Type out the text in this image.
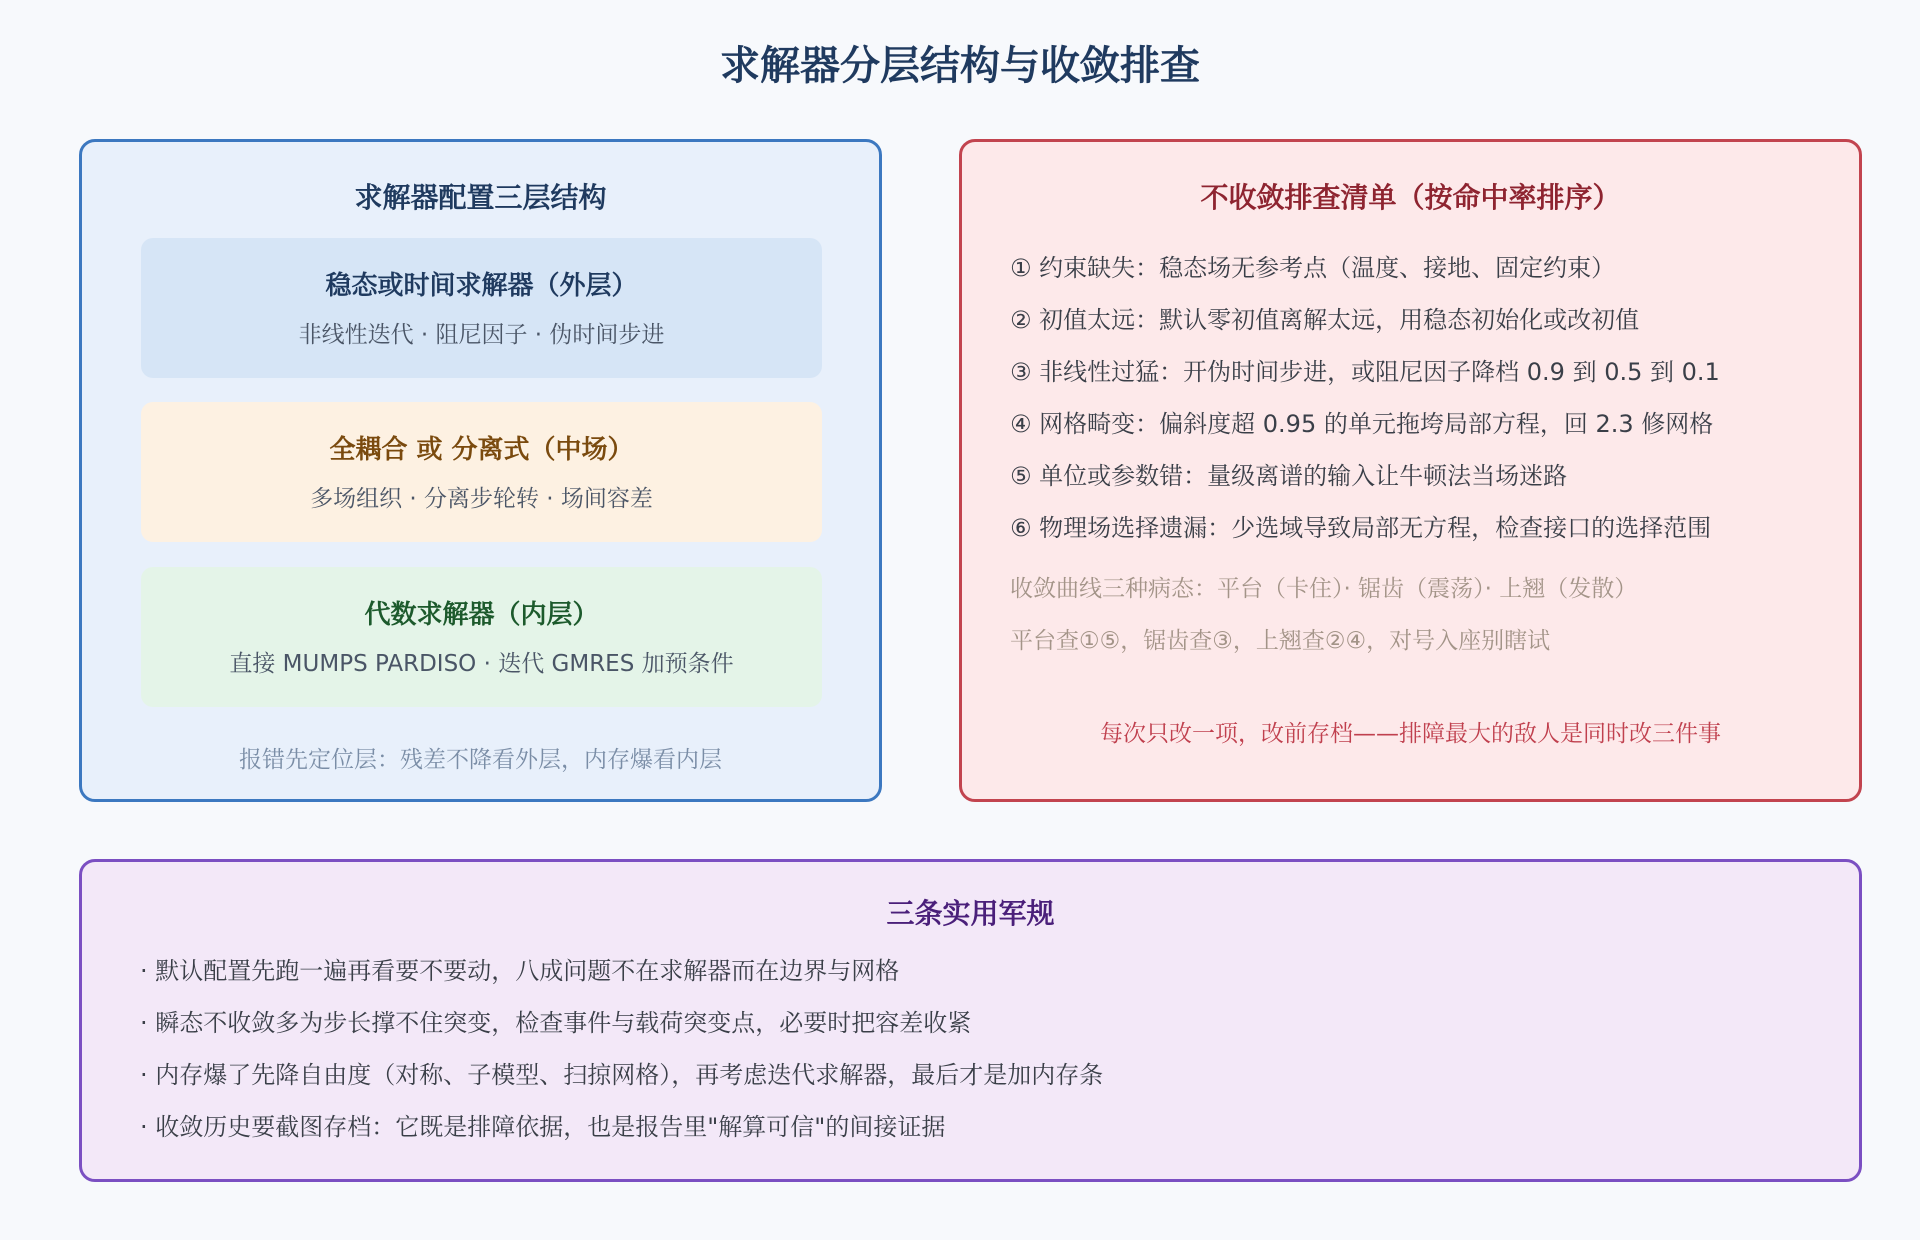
求解器分层结构与收敛排查
求解器配置三层结构
稳态或时间求解器（外层）
非线性迭代 · 阻尼因子 · 伪时间步进
全耦合 或 分离式（中场）
多场组织 · 分离步轮转 · 场间容差
代数求解器（内层）
直接 MUMPS PARDISO · 迭代 GMRES 加预条件
报错先定位层：残差不降看外层，内存爆看内层
不收敛排查清单（按命中率排序）
① 约束缺失：稳态场无参考点（温度、接地、固定约束）
② 初值太远：默认零初值离解太远，用稳态初始化或改初值
③ 非线性过猛：开伪时间步进，或阻尼因子降档 0.9 到 0.5 到 0.1
④ 网格畸变：偏斜度超 0.95 的单元拖垮局部方程，回 2.3 修网格
⑤ 单位或参数错：量级离谱的输入让牛顿法当场迷路
⑥ 物理场选择遗漏：少选域导致局部无方程，检查接口的选择范围
收敛曲线三种病态：平台（卡住）· 锯齿（震荡）· 上翘（发散）
平台查①⑤，锯齿查③，上翘查②④，对号入座别瞎试
每次只改一项，改前存档——排障最大的敌人是同时改三件事
三条实用军规
· 默认配置先跑一遍再看要不要动，八成问题不在求解器而在边界与网格
· 瞬态不收敛多为步长撑不住突变，检查事件与载荷突变点，必要时把容差收紧
· 内存爆了先降自由度（对称、子模型、扫掠网格），再考虑迭代求解器，最后才是加内存条
· 收敛历史要截图存档：它既是排障依据，也是报告里"解算可信"的间接证据
